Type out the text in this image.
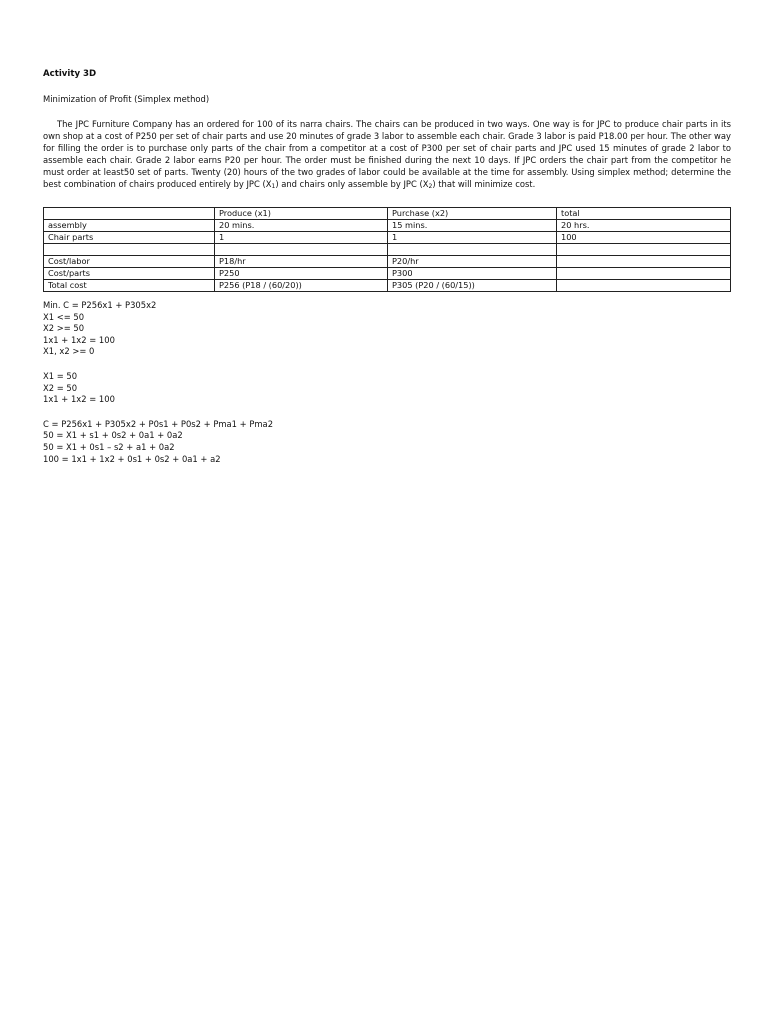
Activity 3D
Minimization of Profit (Simplex method)

The JPC Furniture Company has an ordered for 100 of its narra chairs. The chairs can be produced in two ways. One way is for JPC to produce chair parts in its own shop at a cost of P250 per set of chair parts and use 20 minutes of grade 3 labor to assemble each chair. Grade 3 labor is paid P18.00 per hour. The other way for filling the order is to purchase only parts of the chair from a competitor at a cost of P300 per set of chair parts and JPC used 15 minutes of grade 2 labor to assemble each chair. Grade 2 labor earns P20 per hour. The order must be finished during the next 10 days. If JPC orders the chair part from the competitor he must order at least50 set of parts. Twenty (20) hours of the two grades of labor could be available at the time for assembly. Using simplex method; determine the best combination of chairs produced entirely by JPC $(X_1)$ and chairs only assemble by JPC $(X_2)$ that will minimize cost.

	Produce (x1)	Purchase (x2)	total
assembly	20 mins.	15 mins.	20 hrs.
Chair parts	1	1	100

Cost/labor	P18/hr	P20/hr	
Cost/parts	P250	P300	
Total cost	P256 (P18 / (60/20))	P305 (P20 / (60/15))	
Min. C = P256x1 + P305x2
X1 <= 50
X2 >= 50
1x1 + 1x2 = 100
X1, x2 >= 0
X1 = 50
X2 = 50
1x1 + 1x2 = 100
C = P256x1 + P305x2 + P0s1 + P0s2 + Pma1 + Pma2
50 = X1 + s1 + 0s2 + 0a1 + 0a2
50 = X1 + 0s1 – s2 + a1 + 0a2
100 = 1x1 + 1x2 + 0s1 + 0s2 + 0a1 + a2
